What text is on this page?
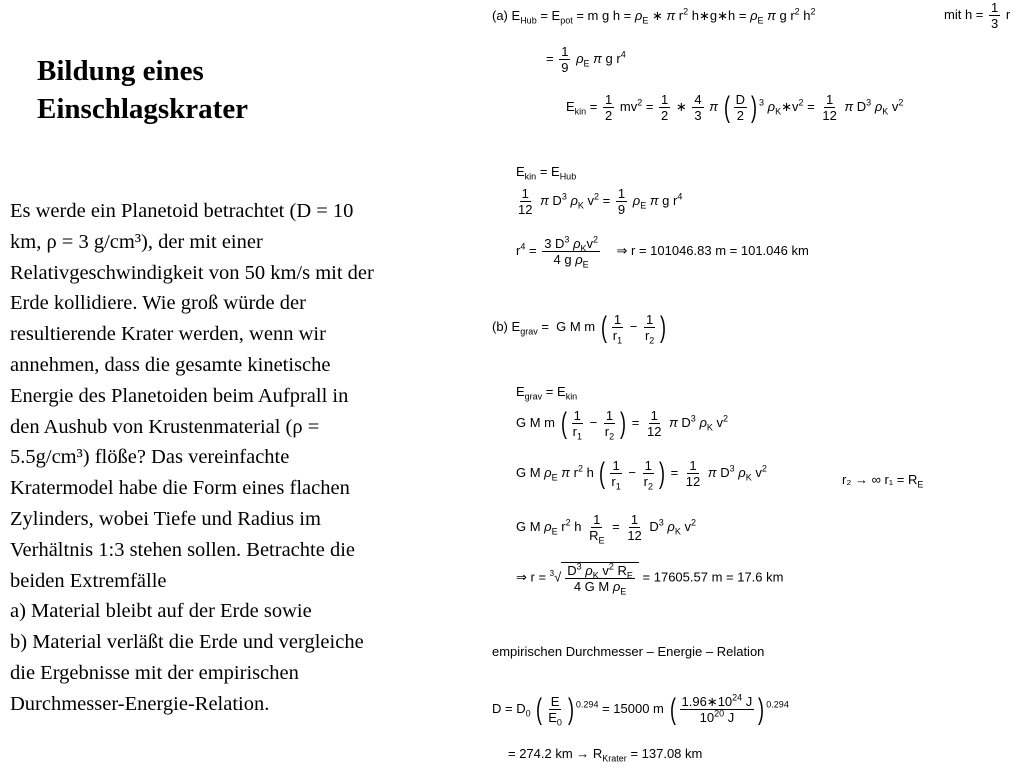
Bildung eines
Einschlagskrater

Es werde ein Planetoid betrachtet (D = 10

km, ρ = 3 g/cm³), der mit einer

Relativgeschwindigkeit von 50 km/s mit der

Erde kollidiere. Wie groß würde der

resultierende Krater werden, wenn wir

annehmen, dass die gesamte kinetische

Energie des Planetoiden beim Aufprall in

den Aushub von Krustenmaterial (ρ =

5.5g/cm³) flöße? Das vereinfachte

Kratermodel habe die Form eines flachen

Zylinders, wobei Tiefe und Radius im

Verhältnis 1:3 stehen sollen. Betrachte die

beiden Extremfälle

a) Material bleibt auf der Erde sowie

b) Material verläßt die Erde und vergleiche

die Ergebnisse mit der empirischen

Durchmesser-Energie-Relation.

(a) $E_{Hub} = E_{pot} = m$ g $h = \rho_E$ ∗ π $r^2$ h∗g∗h = $\rho_E$ π g $r^2$ $h^2$	mit $h = \frac{1}{3}$ r
= $\frac{1}{9} \rho_E$ π g $r^4$
$E_{kin} = \frac{1}{2} mv^2 = \frac{1}{2}$ ∗ $\frac{4}{3}$ π ( $\frac{D}{2}$ ) $^3$ $\rho_K∗v^2 = \frac{1}{12}$ π $D^3$ $\rho_K$ $v^2$
$E_{kin} = E_{Hub}$
$\frac{1}{12}$ π $D^3$ $\rho_K$ $v^2 = \frac{1}{9} \rho_E$ π g $r^4$
$r^4 = 3$ $D^3$ $\rho_Kv^2$
4 g $\rho_E$
⇒ r = 101046.83 m = 101.046 km
(b) $E_{grav} = G$ M m ( $\frac{1}{r_1} - \frac{1}{r_2}$ )
$E_{grav} = E_{kin}$
G M m ( $\frac{1}{r_1} - \frac{1}{r_2}$ ) = $\frac{1}{12}$ π $D^3$ $\rho_K$ $v^2$
G M $\rho_E$ π $r^2$ h ( $\frac{1}{r_1} - \frac{1}{r_2}$ ) = $\frac{1}{12}$ π $D^3$ $\rho_K$ $v^2$
r₂ → ∞ $r_1 = R_E$
G M $\rho_E$ $r^2$ h $\frac{1}{R_E} = \frac{1}{12} D^3$ $\rho_K$ $v^2$
⇒ $r = ^3√ \frac{D^3 \rho_K v^2 R_E}{4 G M \rho_E} = 17605.57$ m = 17.6 km
empirischen Durchmesser – Energie – Relation
$D = D_0$ ( $\frac{E}{E_0}$ ) $^{0.294}$ = 15000 m ( $\frac{1.96∗10^{24} J}{10^{20} J}$ ) $^{0.294}$
= 274.2 km → $R_{Krater} = 137.08$ km
